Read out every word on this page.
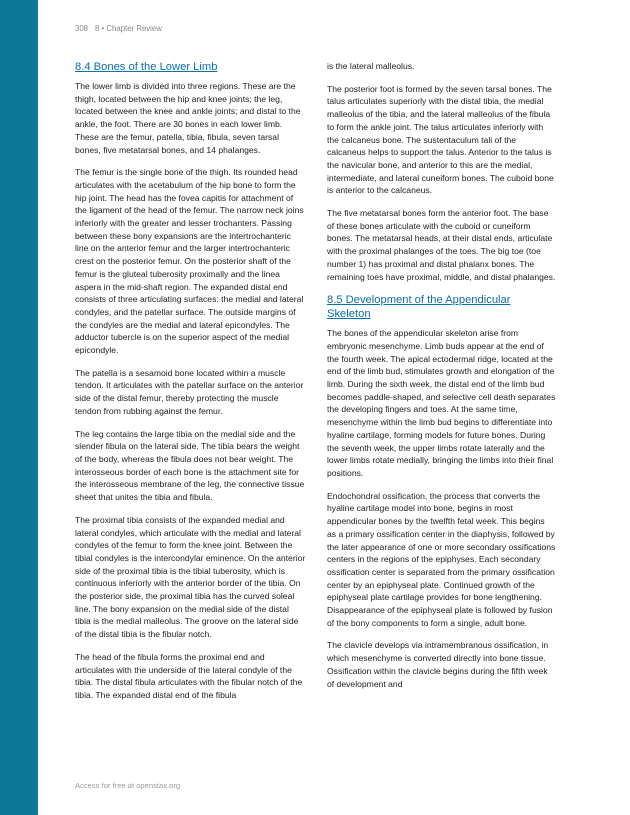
308 8 • Chapter Review
8.4 Bones of the Lower Limb

The lower limb is divided into three regions. These are the thigh, located between the hip and knee joints; the leg, located between the knee and ankle joints; and distal to the ankle, the foot. There are 30 bones in each lower limb. These are the femur, patella, tibia, fibula, seven tarsal bones, five metatarsal bones, and 14 phalanges.

The femur is the single bone of the thigh. Its rounded head articulates with the acetabulum of the hip bone to form the hip joint. The head has the fovea capitis for attachment of the ligament of the head of the femur. The narrow neck joins inferiorly with the greater and lesser trochanters. Passing between these bony expansions are the intertrochanteric line on the anterior femur and the larger intertrochanteric crest on the posterior femur. On the posterior shaft of the femur is the gluteal tuberosity proximally and the linea aspera in the mid-shaft region. The expanded distal end consists of three articulating surfaces: the medial and lateral condyles, and the patellar surface. The outside margins of the condyles are the medial and lateral epicondyles. The adductor tubercle is on the superior aspect of the medial epicondyle.

The patella is a sesamoid bone located within a muscle tendon. It articulates with the patellar surface on the anterior side of the distal femur, thereby protecting the muscle tendon from rubbing against the femur.

The leg contains the large tibia on the medial side and the slender fibula on the lateral side. The tibia bears the weight of the body, whereas the fibula does not bear weight. The interosseous border of each bone is the attachment site for the interosseous membrane of the leg, the connective tissue sheet that unites the tibia and fibula.

The proximal tibia consists of the expanded medial and lateral condyles, which articulate with the medial and lateral condyles of the femur to form the knee joint. Between the tibial condyles is the intercondylar eminence. On the anterior side of the proximal tibia is the tibial tuberosity, which is continuous inferiorly with the anterior border of the tibia. On the posterior side, the proximal tibia has the curved soleal line. The bony expansion on the medial side of the distal tibia is the medial malleolus. The groove on the lateral side of the distal tibia is the fibular notch.

The head of the fibula forms the proximal end and articulates with the underside of the lateral condyle of the tibia. The distal fibula articulates with the fibular notch of the tibia. The expanded distal end of the fibula

is the lateral malleolus.

The posterior foot is formed by the seven tarsal bones. The talus articulates superiorly with the distal tibia, the medial malleolus of the tibia, and the lateral malleolus of the fibula to form the ankle joint. The talus articulates inferiorly with the calcaneus bone. The sustentaculum tali of the calcaneus helps to support the talus. Anterior to the talus is the navicular bone, and anterior to this are the medial, intermediate, and lateral cuneiform bones. The cuboid bone is anterior to the calcaneus.

The five metatarsal bones form the anterior foot. The base of these bones articulate with the cuboid or cuneiform bones. The metatarsal heads, at their distal ends, articulate with the proximal phalanges of the toes. The big toe (toe number 1) has proximal and distal phalanx bones. The remaining toes have proximal, middle, and distal phalanges.

8.5 Development of the Appendicular Skeleton

The bones of the appendicular skeleton arise from embryonic mesenchyme. Limb buds appear at the end of the fourth week. The apical ectodermal ridge, located at the end of the limb bud, stimulates growth and elongation of the limb. During the sixth week, the distal end of the limb bud becomes paddle-shaped, and selective cell death separates the developing fingers and toes. At the same time, mesenchyme within the limb bud begins to differentiate into hyaline cartilage, forming models for future bones. During the seventh week, the upper limbs rotate laterally and the lower limbs rotate medially, bringing the limbs into their final positions.

Endochondral ossification, the process that converts the hyaline cartilage model into bone, begins in most appendicular bones by the twelfth fetal week. This begins as a primary ossification center in the diaphysis, followed by the later appearance of one or more secondary ossifications centers in the regions of the epiphyses. Each secondary ossification center is separated from the primary ossification center by an epiphyseal plate. Continued growth of the epiphyseal plate cartilage provides for bone lengthening. Disappearance of the epiphyseal plate is followed by fusion of the bony components to form a single, adult bone.

The clavicle develops via intramembranous ossification, in which mesenchyme is converted directly into bone tissue. Ossification within the clavicle begins during the fifth week of development and

Access for free at openstax.org
